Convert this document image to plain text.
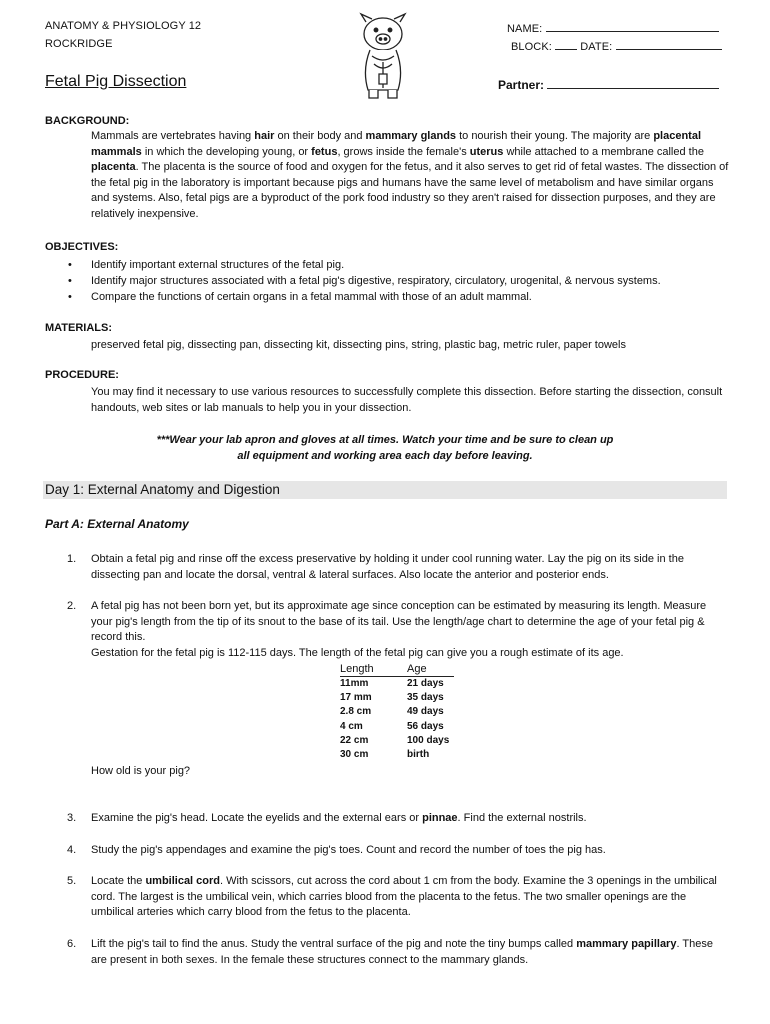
ANATOMY & PHYSIOLOGY 12
ROCKRIDGE
NAME:
BLOCK:	DATE:
Fetal Pig Dissection	Partner:
BACKGROUND:
Mammals are vertebrates having hair on their body and mammary glands to nourish their young. The majority are placental mammals in which the developing young, or fetus, grows inside the female's uterus while attached to a membrane called the placenta. The placenta is the source of food and oxygen for the fetus, and it also serves to get rid of fetal wastes. The dissection of the fetal pig in the laboratory is important because pigs and humans have the same level of metabolism and have similar organs and systems. Also, fetal pigs are a byproduct of the pork food industry so they aren't raised for dissection purposes, and they are relatively inexpensive.
OBJECTIVES:
• Identify important external structures of the fetal pig.
• Identify major structures associated with a fetal pig's digestive, respiratory, circulatory, urogenital, & nervous systems.
• Compare the functions of certain organs in a fetal mammal with those of an adult mammal.
MATERIALS:
preserved fetal pig, dissecting pan, dissecting kit, dissecting pins, string, plastic bag, metric ruler, paper towels
PROCEDURE:
You may find it necessary to use various resources to successfully complete this dissection. Before starting the dissection, consult handouts, web sites or lab manuals to help you in your dissection.
***Wear your lab apron and gloves at all times. Watch your time and be sure to clean up
all equipment and working area each day before leaving.
Day 1: External Anatomy and Digestion
Part A: External Anatomy
1.	Obtain a fetal pig and rinse off the excess preservative by holding it under cool running water. Lay the pig on its side in the dissecting pan and locate the dorsal, ventral & lateral surfaces. Also locate the anterior and posterior ends.
2.	A fetal pig has not been born yet, but its approximate age since conception can be estimated by measuring its length. Measure your pig's length from the tip of its snout to the base of its tail. Use the length/age chart to determine the age of your fetal pig & record this.
Gestation for the fetal pig is 112-115 days. The length of the fetal pig can give you a rough estimate of its age.
Length	Age
11mm	21 days
17 mm	35 days
2.8 cm	49 days
4 cm	56 days
22 cm	100 days
30 cm	birth
How old is your pig?
3.	Examine the pig's head. Locate the eyelids and the external ears or pinnae. Find the external nostrils.
4.	Study the pig's appendages and examine the pig's toes. Count and record the number of toes the pig has.
5.	Locate the umbilical cord. With scissors, cut across the cord about 1 cm from the body. Examine the 3 openings in the umbilical cord. The largest is the umbilical vein, which carries blood from the placenta to the fetus. The two smaller openings are the umbilical arteries which carry blood from the fetus to the placenta.
6.	Lift the pig's tail to find the anus. Study the ventral surface of the pig and note the tiny bumps called mammary papillary. These are present in both sexes. In the female these structures connect to the mammary glands.
